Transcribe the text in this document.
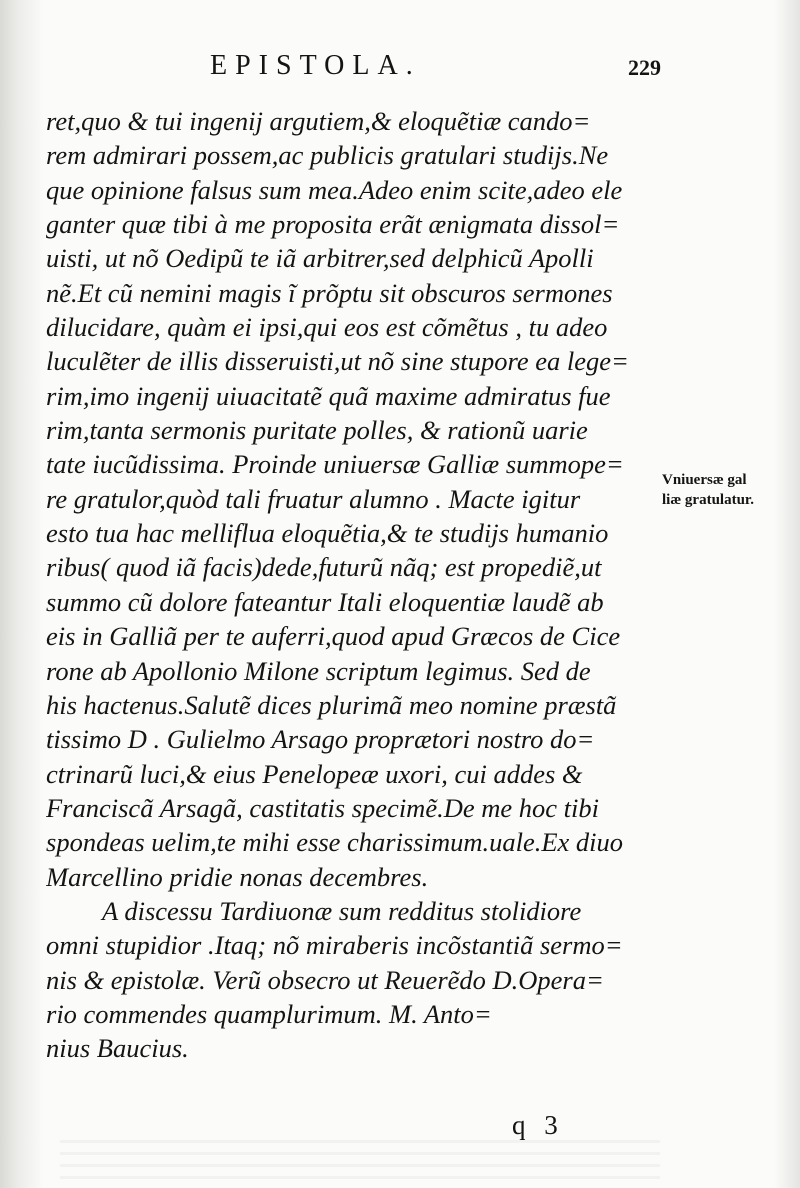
EPISTOLA.	229
ret,quo & tui ingenij argutiem,& eloquẽtiæ cando=
rem admirari possem,ac publicis gratulari studijs.Ne
que opinione falsus sum mea.Adeo enim scite,adeo ele
ganter quæ tibi à me proposita erãt ænigmata dissol=
uisti, ut nõ Oedipũ te iã arbitrer,sed delphicũ Apolli
nẽ.Et cũ nemini magis ĩ prõptu sit obscuros sermones
dilucidare, quàm ei ipsi,qui eos est cõmẽtus , tu adeo
luculẽter de illis disseruisti,ut nõ sine stupore ea lege=
rim,imo ingenij uiuacitatẽ quã maxime admiratus fue
rim,tanta sermonis puritate polles, & rationũ uarie
tate iucũdissima. Proinde uniuersæ Galliæ summope=
re gratulor,quòd tali fruatur alumno . Macte igitur
esto tua hac melliflua eloquẽtia,& te studijs humanio
ribus( quod iã facis)dede,futurũ nãq; est propediẽ,ut
summo cũ dolore fateantur Itali eloquentiæ laudẽ ab
eis in Galliã per te auferri,quod apud Græcos de Cice
rone ab Apollonio Milone scriptum legimus. Sed de
his hactenus.Salutẽ dices plurimã meo nomine præstã
tissimo D . Gulielmo Arsago proprætori nostro do=
ctrinarũ luci,& eius Penelopeæ uxori, cui addes &
Franciscã Arsagã, castitatis specimẽ.De me hoc tibi
spondeas uelim,te mihi esse charissimum.uale.Ex diuo
Marcellino pridie nonas decembres.
A discessu Tardiuonæ sum redditus stolidiore
omni stupidior .Itaq; nõ miraberis incõstantiã sermo=
nis & epistolæ. Verũ obsecro ut Reuerẽdo D.Opera=
rio commendes quamplurimum. M. Anto=
nius Baucius.
Vniuersæ gal
liæ gratulatur.
q 3
